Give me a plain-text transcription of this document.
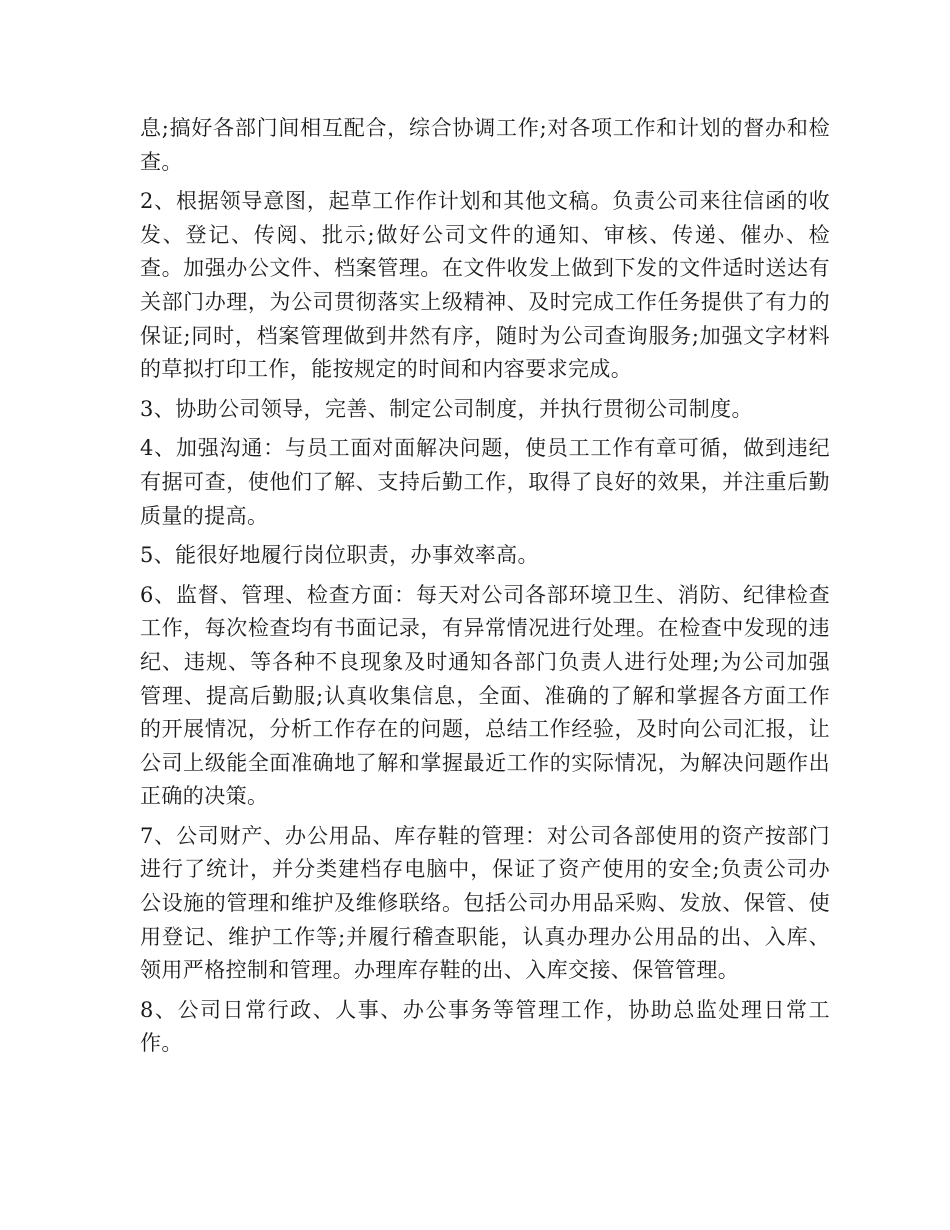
息;搞好各部门间相互配合，综合协调工作;对各项工作和计划的督办和检查。

2、根据领导意图，起草工作作计划和其他文稿。负责公司来往信函的收发、登记、传阅、批示;做好公司文件的通知、审核、传递、催办、检查。加强办公文件、档案管理。在文件收发上做到下发的文件适时送达有关部门办理，为公司贯彻落实上级精神、及时完成工作任务提供了有力的保证;同时，档案管理做到井然有序，随时为公司查询服务;加强文字材料的草拟打印工作，能按规定的时间和内容要求完成。

3、协助公司领导，完善、制定公司制度，并执行贯彻公司制度。

4、加强沟通：与员工面对面解决问题，使员工工作有章可循，做到违纪有据可查，使他们了解、支持后勤工作，取得了良好的效果，并注重后勤质量的提高。

5、能很好地履行岗位职责，办事效率高。

6、监督、管理、检查方面：每天对公司各部环境卫生、消防、纪律检查工作，每次检查均有书面记录，有异常情况进行处理。在检查中发现的违纪、违规、等各种不良现象及时通知各部门负责人进行处理;为公司加强管理、提高后勤服;认真收集信息，全面、准确的了解和掌握各方面工作的开展情况，分析工作存在的问题，总结工作经验，及时向公司汇报，让公司上级能全面准确地了解和掌握最近工作的实际情况，为解决问题作出正确的决策。

7、公司财产、办公用品、库存鞋的管理：对公司各部使用的资产按部门进行了统计，并分类建档存电脑中，保证了资产使用的安全;负责公司办公设施的管理和维护及维修联络。包括公司办用品采购、发放、保管、使用登记、维护工作等;并履行稽查职能，认真办理办公用品的出、入库、领用严格控制和管理。办理库存鞋的出、入库交接、保管管理。

8、公司日常行政、人事、办公事务等管理工作，协助总监处理日常工作。
